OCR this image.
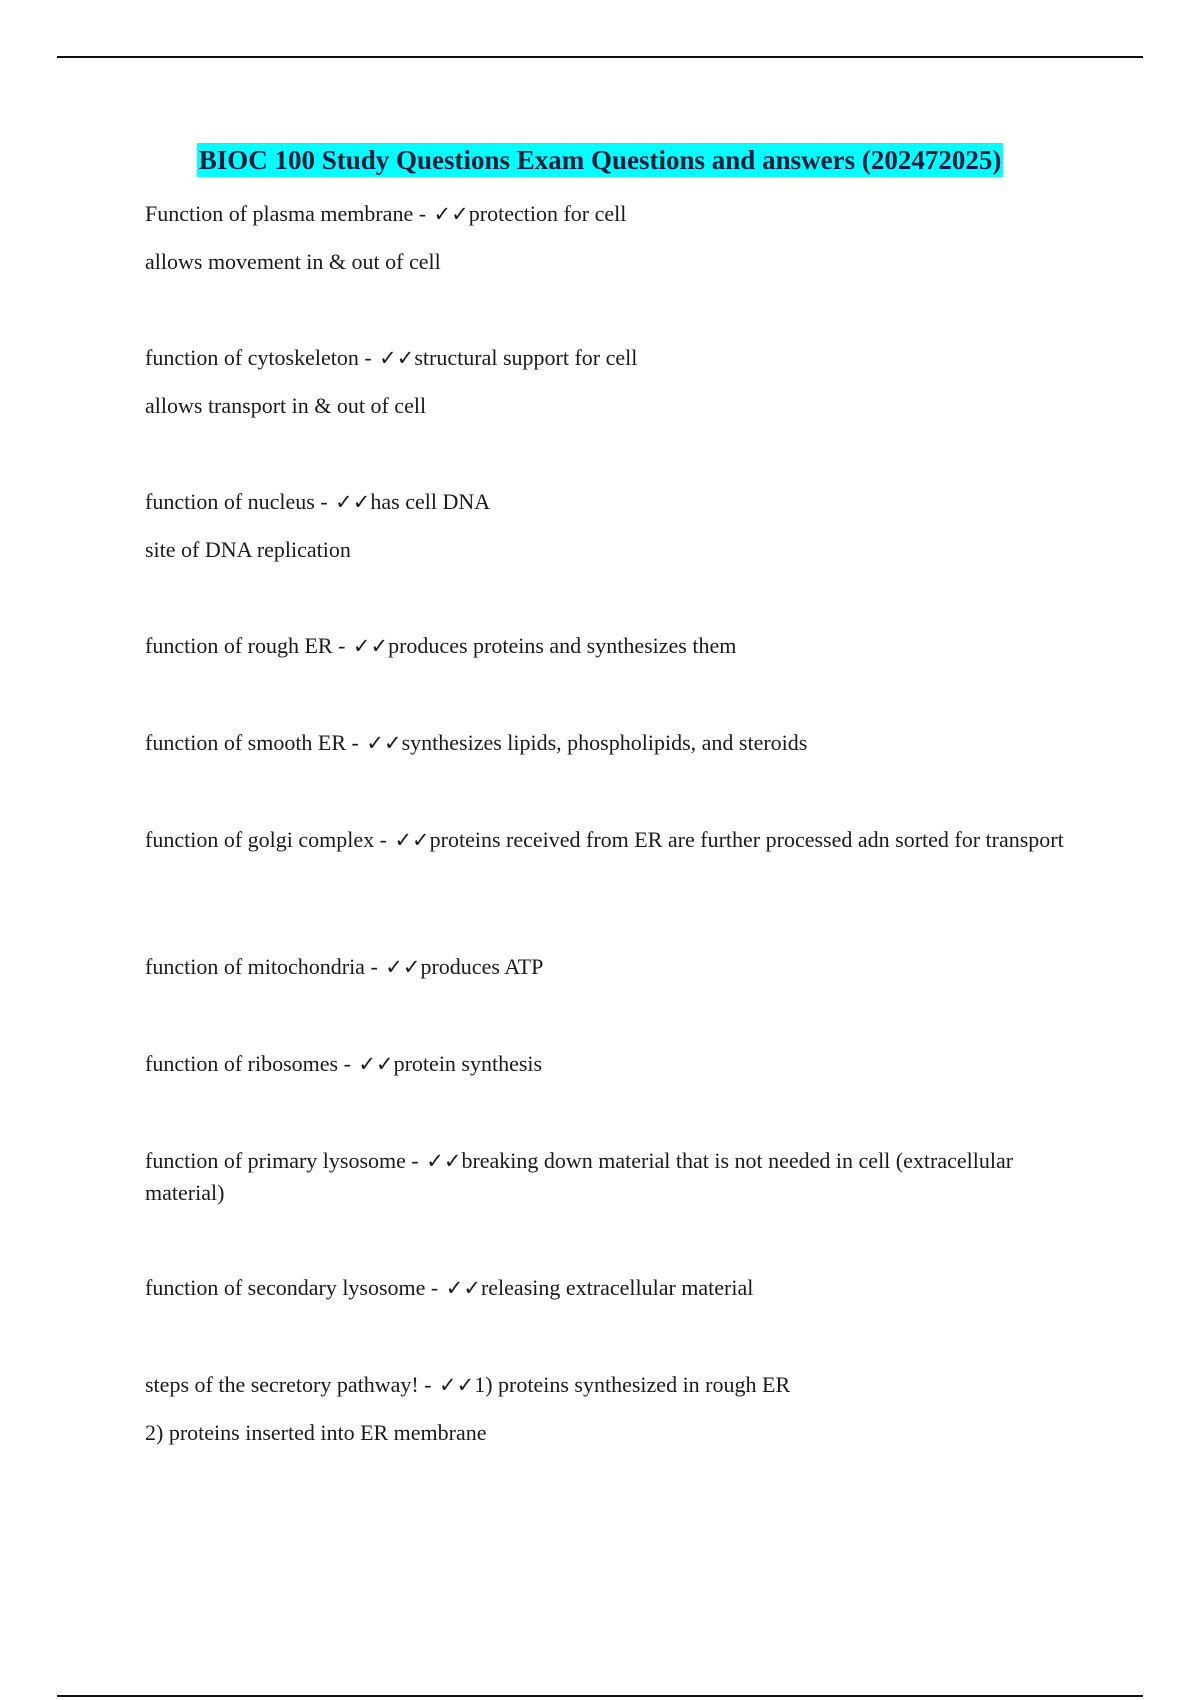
BIOC 100 Study Questions Exam Questions and answers (202472025)
Function of plasma membrane - ✓✓protection for cell
allows movement in & out of cell
function of cytoskeleton - ✓✓structural support for cell
allows transport in & out of cell
function of nucleus - ✓✓has cell DNA
site of DNA replication
function of rough ER - ✓✓produces proteins and synthesizes them
function of smooth ER - ✓✓synthesizes lipids, phospholipids, and steroids
function of golgi complex - ✓✓proteins received from ER are further processed adn sorted for transport
function of mitochondria - ✓✓produces ATP
function of ribosomes - ✓✓protein synthesis
function of primary lysosome - ✓✓breaking down material that is not needed in cell (extracellular material)
function of secondary lysosome - ✓✓releasing extracellular material
steps of the secretory pathway! - ✓✓1) proteins synthesized in rough ER
2) proteins inserted into ER membrane
